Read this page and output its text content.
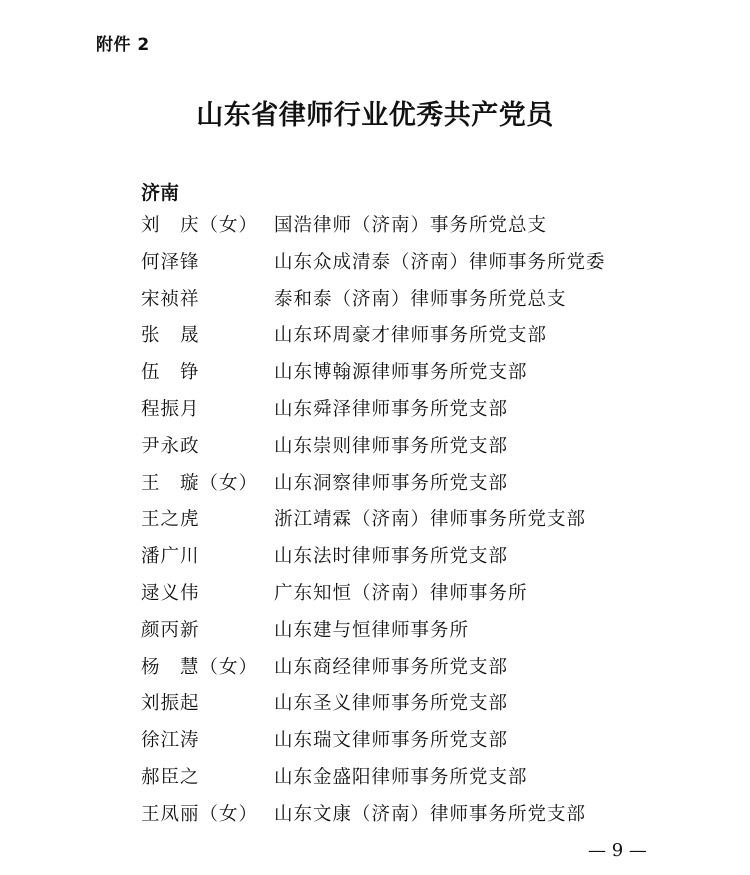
附件 2
山东省律师行业优秀共产党员
济南
刘　庆（女） 国浩律师（济南）事务所党总支
何泽锋	山东众成清泰（济南）律师事务所党委
宋祯祥	泰和泰（济南）律师事务所党总支
张　晟	山东环周豪才律师事务所党支部
伍　铮	山东博翰源律师事务所党支部
程振月	山东舜泽律师事务所党支部
尹永政	山东崇则律师事务所党支部
王　璇（女） 山东洞察律师事务所党支部
王之虎	浙江靖霖（济南）律师事务所党支部
潘广川	山东法时律师事务所党支部
逯义伟	广东知恒（济南）律师事务所
颜丙新	山东建与恒律师事务所
杨　慧（女） 山东商经律师事务所党支部
刘振起	山东圣义律师事务所党支部
徐江涛	山东瑞文律师事务所党支部
郝臣之	山东金盛阳律师事务所党支部
王凤丽（女） 山东文康（济南）律师事务所党支部
— 9 —
